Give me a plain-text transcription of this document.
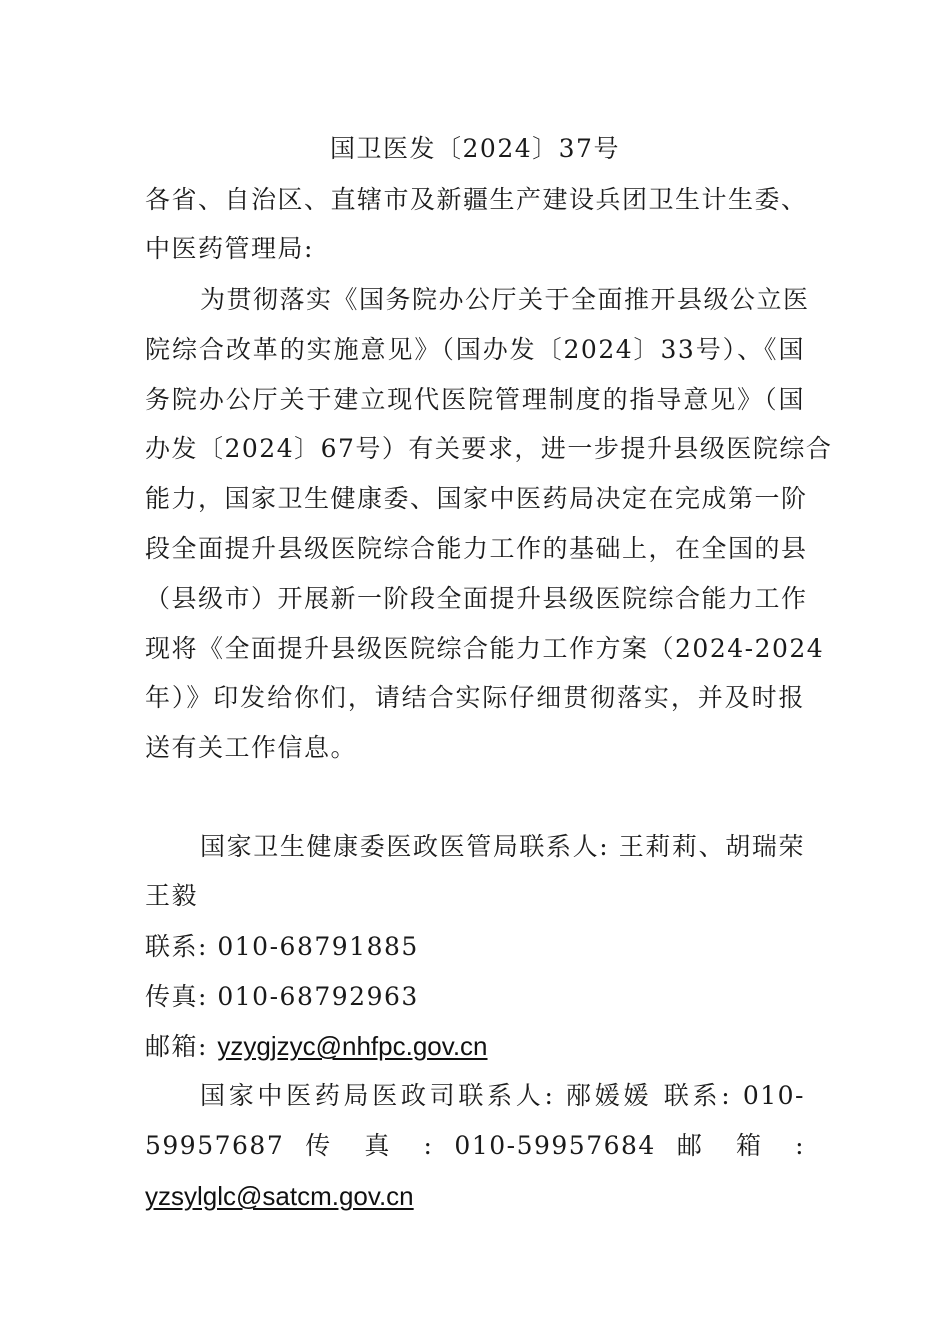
国卫医发〔2024〕37号
各省、自治区、直辖市及新疆生产建设兵团卫生计生委、
中医药管理局:
为贯彻落实《国务院办公厅关于全面推开县级公立医
院综合改革的实施意见》（国办发〔2024〕33号）、《国
务院办公厅关于建立现代医院管理制度的指导意见》（国
办发〔2024〕67号）有关要求，进一步提升县级医院综合
能力，国家卫生健康委、国家中医药局决定在完成第一阶
段全面提升县级医院综合能力工作的基础上，在全国的县
（县级市）开展新一阶段全面提升县级医院综合能力工作
现将《全面提升县级医院综合能力工作方案（2024-2024
年）》印发给你们，请结合实际仔细贯彻落实，并及时报
送有关工作信息。
国家卫生健康委医政医管局联系人: 王莉莉、胡瑞荣
王毅
联系: 010-68791885
传真: 010-68792963
邮箱: yzygjzyc@nhfpc.gov.cn
国家中医药局医政司联系人: 邴媛媛 联系: 010-
59957687 传 真 : 010-59957684 邮 箱 :
yzsylglc@satcm.gov.cn
